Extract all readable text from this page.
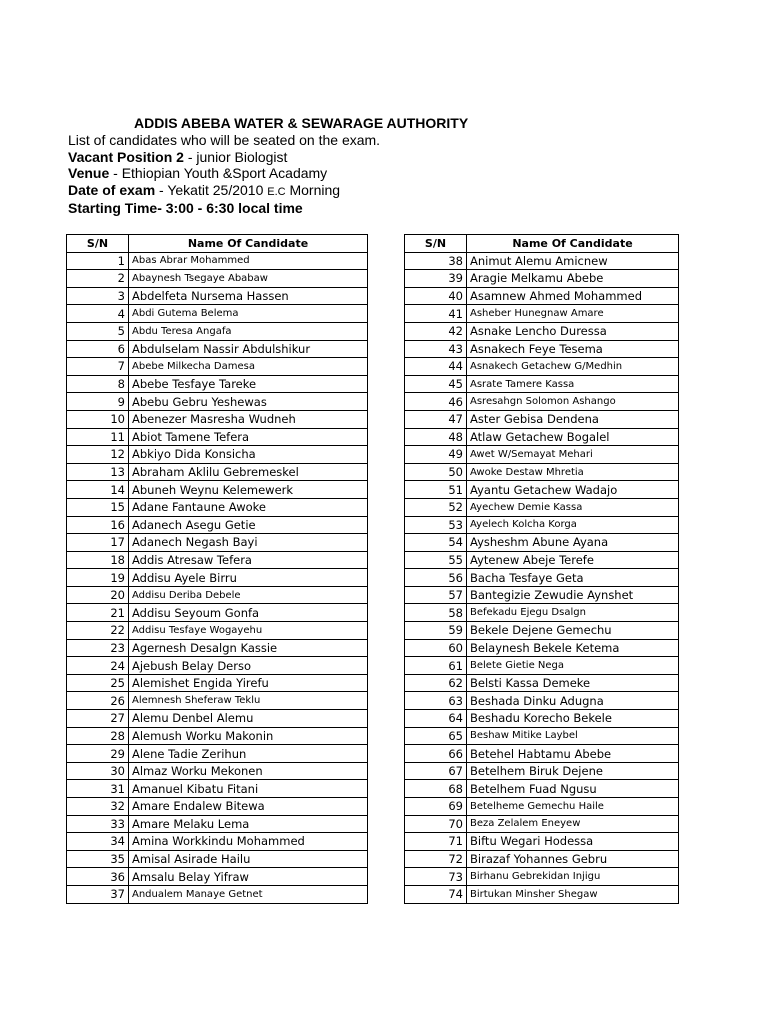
ADDIS ABEBA WATER & SEWARAGE AUTHORITY
List of candidates who will be seated on the exam.
Vacant Position 2 - junior Biologist
Venue - Ethiopian Youth &Sport Acadamy
Date of exam - Yekatit 25/2010 E.C Morning
Starting Time- 3:00 - 6:30 local time
S/N	Name Of Candidate
1	Abas Abrar Mohammed
2	Abaynesh Tsegaye Ababaw
3	Abdelfeta Nursema Hassen
4	Abdi Gutema Belema
5	Abdu Teresa Angafa
6	Abdulselam Nassir Abdulshikur
7	Abebe Milkecha Damesa
8	Abebe Tesfaye Tareke
9	Abebu Gebru Yeshewas
10	Abenezer Masresha Wudneh
11	Abiot Tamene Tefera
12	Abkiyo Dida Konsicha
13	Abraham Aklilu Gebremeskel
14	Abuneh Weynu Kelemewerk
15	Adane Fantaune Awoke
16	Adanech Asegu Getie
17	Adanech Negash Bayi
18	Addis Atresaw Tefera
19	Addisu Ayele Birru
20	Addisu Deriba Debele
21	Addisu Seyoum Gonfa
22	Addisu Tesfaye Wogayehu
23	Agernesh Desalgn Kassie
24	Ajebush Belay Derso
25	Alemishet Engida Yirefu
26	Alemnesh Sheferaw Teklu
27	Alemu Denbel Alemu
28	Alemush Worku Makonin
29	Alene Tadie Zerihun
30	Almaz Worku Mekonen
31	Amanuel Kibatu Fitani
32	Amare Endalew Bitewa
33	Amare Melaku Lema
34	Amina Workkindu Mohammed
35	Amisal Asirade Hailu
36	Amsalu Belay Yifraw
37	Andualem Manaye Getnet
S/N	Name Of Candidate
38	Animut Alemu Amicnew
39	Aragie Melkamu Abebe
40	Asamnew Ahmed Mohammed
41	Asheber Hunegnaw Amare
42	Asnake Lencho Duressa
43	Asnakech Feye Tesema
44	Asnakech Getachew G/Medhin
45	Asrate Tamere Kassa
46	Asresahgn Solomon Ashango
47	Aster Gebisa Dendena
48	Atlaw Getachew Bogalel
49	Awet W/Semayat Mehari
50	Awoke Destaw Mhretia
51	Ayantu Getachew Wadajo
52	Ayechew Demie Kassa
53	Ayelech Kolcha Korga
54	Aysheshm Abune Ayana
55	Aytenew Abeje Terefe
56	Bacha Tesfaye Geta
57	Bantegizie Zewudie Aynshet
58	Befekadu Ejegu Dsalgn
59	Bekele Dejene Gemechu
60	Belaynesh Bekele Ketema
61	Belete Gietie Nega
62	Belsti Kassa Demeke
63	Beshada Dinku Adugna
64	Beshadu Korecho Bekele
65	Beshaw Mitike Laybel
66	Betehel Habtamu Abebe
67	Betelhem Biruk Dejene
68	Betelhem Fuad Ngusu
69	Betelheme Gemechu Haile
70	Beza Zelalem Eneyew
71	Biftu Wegari Hodessa
72	Birazaf Yohannes Gebru
73	Birhanu Gebrekidan Injigu
74	Birtukan Minsher Shegaw
